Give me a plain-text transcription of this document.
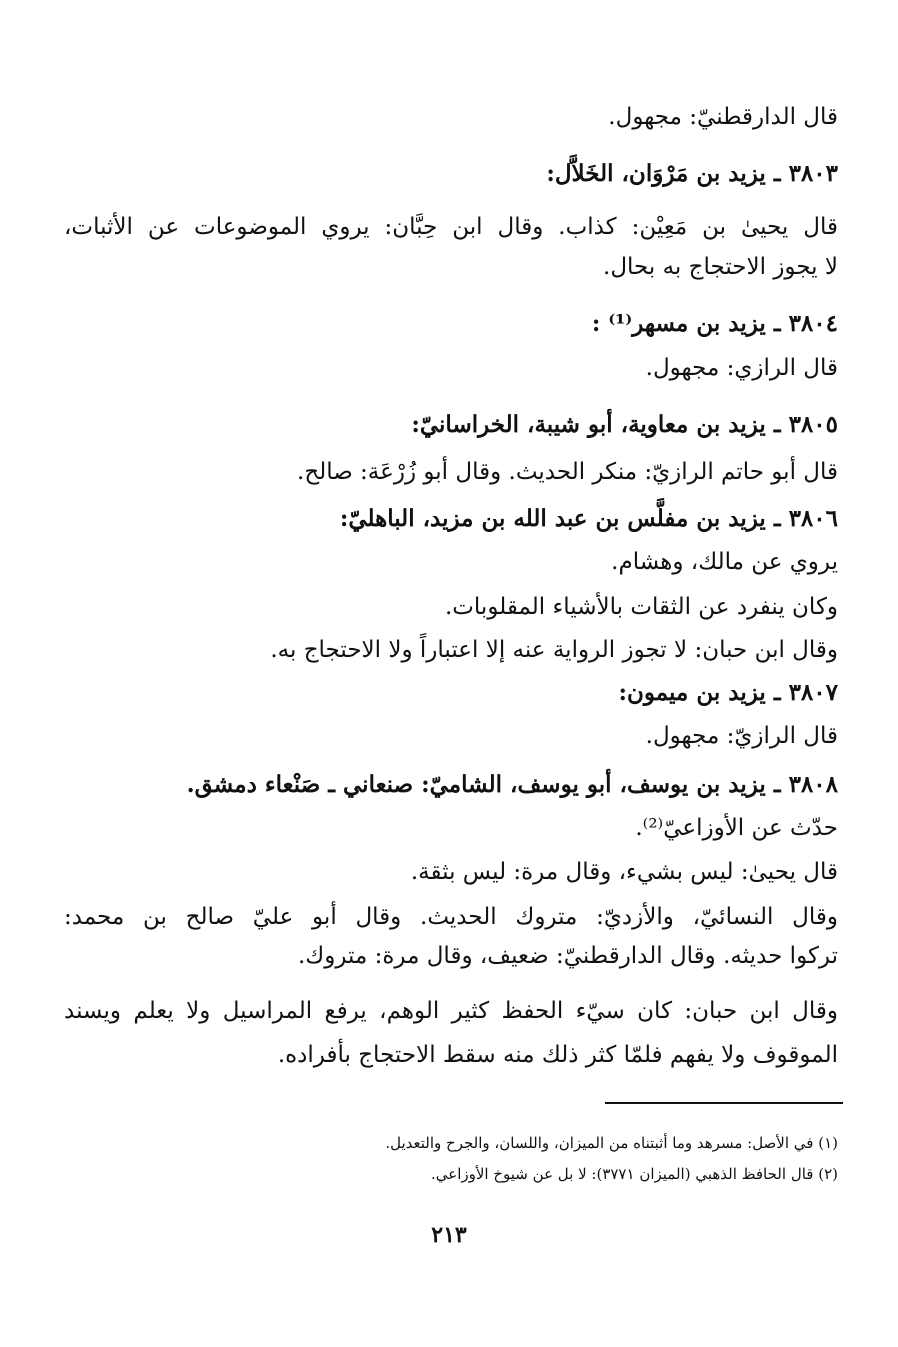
قال الدارقطنيّ: مجهول.
٣٨٠٣ ـ يزيد بن مَرْوَان، الخَلاَّل:
قال يحيىٰ بن مَعِيْن: كذاب. وقال ابن حِبَّان: يروي الموضوعات عن الأثبات،
لا يجوز الاحتجاج به بحال.
٣٨٠٤ ـ يزيد بن مسهر⁽¹⁾ :
قال الرازي: مجهول.
٣٨٠٥ ـ يزيد بن معاوية، أبو شيبة، الخراسانيّ:
قال أبو حاتم الرازيّ: منكر الحديث. وقال أبو زُرْعَة: صالح.
٣٨٠٦ ـ يزيد بن مفلَّس بن عبد الله بن مزيد، الباهليّ:
يروي عن مالك، وهشام.
وكان ينفرد عن الثقات بالأشياء المقلوبات.
وقال ابن حبان: لا تجوز الرواية عنه إلا اعتباراً ولا الاحتجاج به.
٣٨٠٧ ـ يزيد بن ميمون:
قال الرازيّ: مجهول.
٣٨٠٨ ـ يزيد بن يوسف، أبو يوسف، الشاميّ: صنعاني ـ صَنْعاء دمشق.
حدّث عن الأوزاعيّ⁽²⁾.
قال يحيىٰ: ليس بشيء، وقال مرة: ليس بثقة.
وقال النسائيّ، والأزديّ: متروك الحديث. وقال أبو عليّ صالح بن محمد:
تركوا حديثه. وقال الدارقطنيّ: ضعيف، وقال مرة: متروك.
وقال ابن حبان: كان سيّء الحفظ كثير الوهم، يرفع المراسيل ولا يعلم ويسند
الموقوف ولا يفهم فلمّا كثر ذلك منه سقط الاحتجاج بأفراده.
(١) في الأصل: مسرهد وما أثبتناه من الميزان، واللسان، والجرح والتعديل.
(٢) قال الحافظ الذهبي (الميزان ٣٧٧١): لا بل عن شيوخ الأوزاعي.
٢١٣
